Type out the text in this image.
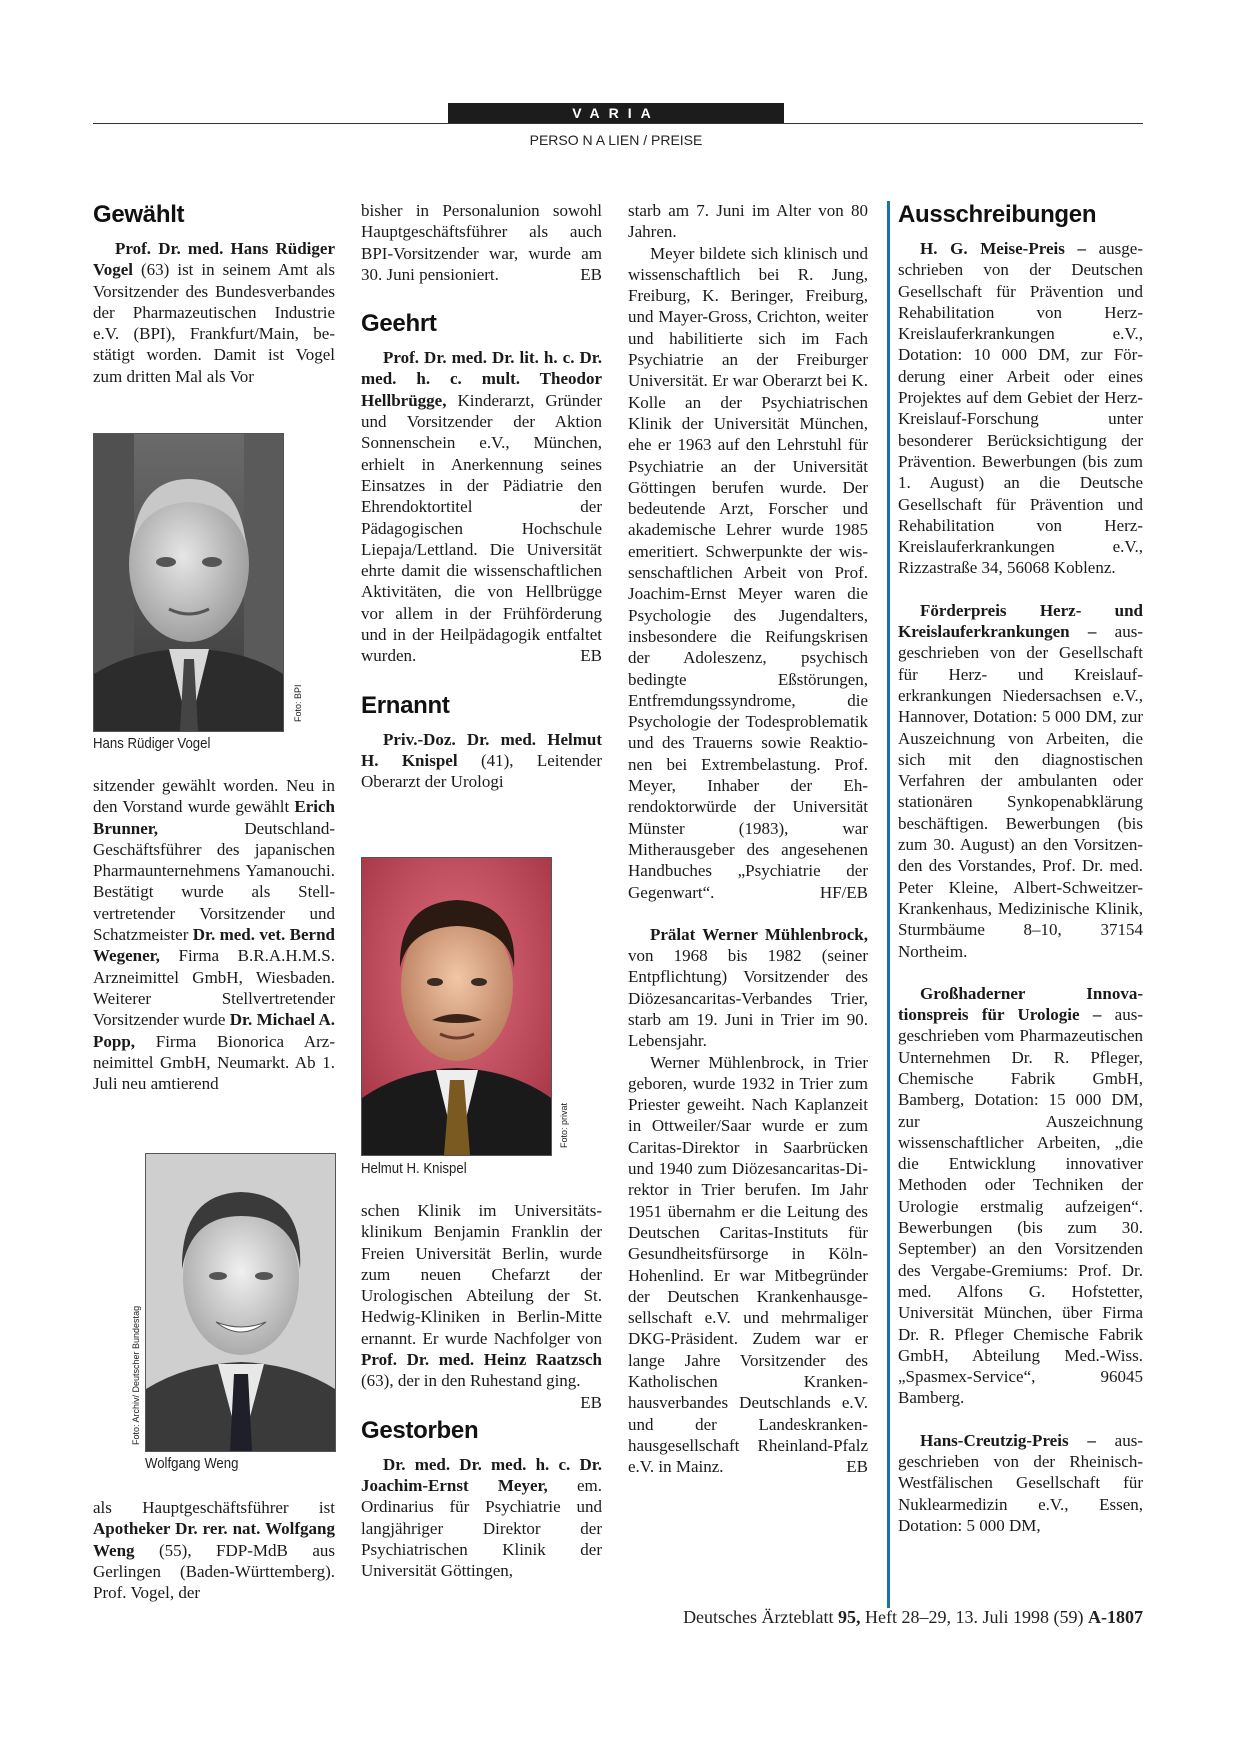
VARIA
PERSO N A LIEN / PREISE
Gewählt

Prof. Dr. med. Hans Rüdiger Vogel (63) ist in seinem Amt als Vorsitzender des Bundesverbandes der Pharmazeutischen Industrie e.V. (BPI), Frankfurt/Main, bestätigt worden. Damit ist Vogel zum dritten Mal als Vor

Foto: BPI
Hans Rüdiger Vogel

sitzender gewählt worden. Neu in den Vorstand wurde gewählt Erich Brunner, Deutschland-Geschäftsführer des japanischen Pharmaunternehmens Yamanouchi. Bestätigt wurde als Stellvertretender Vorsitzender und Schatzmeister Dr. med. vet. Bernd Wegener, Firma B.R.A.H.M.S. Arzneimittel GmbH, Wiesbaden. Weiterer Stellvertretender Vorsitzender wurde Dr. Michael A. Popp, Firma Bionorica Arzneimittel GmbH, Neumarkt. Ab 1. Juli neu amtierend

Foto: Archiv/ Deutscher Bundestag
Wolfgang Weng

als Hauptgeschäftsführer ist Apotheker Dr. rer. nat. Wolfgang Weng (55), FDP-MdB aus Gerlingen (Baden-Württemberg). Prof. Vogel, der

bisher in Personalunion sowohl Hauptgeschäftsführer als auch BPI-Vorsitzender war, wurde am 30. Juni pensioniert.	EB

Geehrt

Prof. Dr. med. Dr. lit. h. c. Dr. med. h. c. mult. Theodor Hellbrügge, Kinderarzt, Gründer und Vorsitzender der Aktion Sonnenschein e.V., München, erhielt in Anerkennung seines Einsatzes in der Pädiatrie den Ehrendoktortitel der Pädagogischen Hochschule Liepaja/Lettland. Die Universität ehrte damit die wissenschaftlichen Aktivitäten, die von Hellbrügge vor allem in der Frühförderung und in der Heilpädagogik entfaltet wurden.	EB

Ernannt

Priv.-Doz. Dr. med. Helmut H. Knispel (41), Leitender Oberarzt der Urologi

Foto: privat
Helmut H. Knispel

schen Klinik im Universitätsklinikum Benjamin Franklin der Freien Universität Berlin, wurde zum neuen Chefarzt der Urologischen Abteilung der St. Hedwig-Kliniken in Berlin-Mitte ernannt. Er wurde Nachfolger von Prof. Dr. med. Heinz Raatzsch (63), der in den Ruhestand ging.
EB

Gestorben

Dr. med. Dr. med. h. c. Dr. Joachim-Ernst Meyer, em. Ordinarius für Psychiatrie und langjähriger Direktor der Psychiatrischen Klinik der Universität Göttingen,

starb am 7. Juni im Alter von 80 Jahren.

Meyer bildete sich klinisch und wissenschaftlich bei R. Jung, Freiburg, K. Beringer, Freiburg, und Mayer-Gross, Crichton, weiter und habilitierte sich im Fach Psychiatrie an der Freiburger Universität. Er war Oberarzt bei K. Kolle an der Psychiatrischen Klinik der Universität München, ehe er 1963 auf den Lehrstuhl für Psychiatrie an der Universität Göttingen berufen wurde. Der bedeutende Arzt, Forscher und akademische Lehrer wurde 1985 emeritiert. Schwerpunkte der wissenschaftlichen Arbeit von Prof. Joachim-Ernst Meyer waren die Psychologie des Jugendalters, insbesondere die Reifungskrisen der Adoleszenz, psychisch bedingte Eßstörungen, Entfremdungssyndrome, die Psychologie der Todesproblematik und des Trauerns sowie Reaktionen bei Extrembelastung. Prof. Meyer, Inhaber der Ehrendoktorwürde der Universität Münster (1983), war Mitherausgeber des angesehenen Handbuches „Psychiatrie der Gegenwart“.	HF/EB

Prälat Werner Mühlenbrock, von 1968 bis 1982 (seiner Entpflichtung) Vorsitzender des Diözesancaritas-Verbandes Trier, starb am 19. Juni in Trier im 90. Lebensjahr.

Werner Mühlenbrock, in Trier geboren, wurde 1932 in Trier zum Priester geweiht. Nach Kaplanzeit in Ottweiler/Saar wurde er zum Caritas-Direktor in Saarbrücken und 1940 zum Diözesancaritas-Direktor in Trier berufen. Im Jahr 1951 übernahm er die Leitung des Deutschen Caritas-Instituts für Gesundheitsfürsorge in Köln-Hohenlind. Er war Mitbegründer der Deutschen Krankenhausgesellschaft e.V. und mehrmaliger DKG-Präsident. Zudem war er lange Jahre Vorsitzender des Katholischen Krankenhausverbandes Deutschlands e.V. und der Landeskrankenhausgesellschaft Rheinland-Pfalz e.V. in Mainz.	EB

Ausschreibungen

H. G. Meise-Preis – ausgeschrieben von der Deutschen Gesellschaft für Prävention und Rehabilitation von Herz-Kreislauferkrankungen e.V., Dotation: 10 000 DM, zur Förderung einer Arbeit oder eines Projektes auf dem Gebiet der Herz-Kreislauf-Forschung unter besonderer Berücksichtigung der Prävention. Bewerbungen (bis zum 1. August) an die Deutsche Gesellschaft für Prävention und Rehabilitation von Herz-Kreislauferkrankungen e.V., Rizzastraße 34, 56068 Koblenz.

Förderpreis Herz- und Kreislauferkrankungen – ausgeschrieben von der Gesellschaft für Herz- und Kreislauferkrankungen Niedersachsen e.V., Hannover, Dotation: 5 000 DM, zur Auszeichnung von Arbeiten, die sich mit den diagnostischen Verfahren der ambulanten oder stationären Synkopenabklärung beschäftigen. Bewerbungen (bis zum 30. August) an den Vorsitzenden des Vorstandes, Prof. Dr. med. Peter Kleine, Albert-Schweitzer-Krankenhaus, Medizinische Klinik, Sturmbäume 8–10, 37154 Northeim.

Großhaderner Innovationspreis für Urologie – ausgeschrieben vom Pharmazeutischen Unternehmen Dr. R. Pfleger, Chemische Fabrik GmbH, Bamberg, Dotation: 15 000 DM, zur Auszeichnung wissenschaftlicher Arbeiten, „die die Entwicklung innovativer Methoden oder Techniken der Urologie erstmalig aufzeigen“. Bewerbungen (bis zum 30. September) an den Vorsitzenden des Vergabe-Gremiums: Prof. Dr. med. Alfons G. Hofstetter, Universität München, über Firma Dr. R. Pfleger Chemische Fabrik GmbH, Abteilung Med.-Wiss. „Spasmex-Service“, 96045 Bamberg.

Hans-Creutzig-Preis – ausgeschrieben von der Rheinisch-Westfälischen Gesellschaft für Nuklearmedizin e.V., Essen, Dotation: 5 000 DM,

Deutsches Ärzteblatt 95, Heft 28–29, 13. Juli 1998 (59) A-1807
